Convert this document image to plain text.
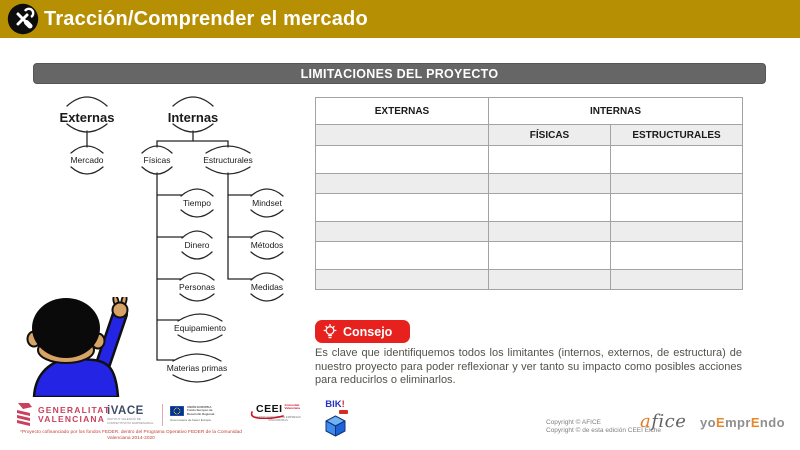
Tracción/Comprender el mercado
LIMITACIONES DEL PROYECTO
Externas	Internas
Mercado	Físicas	Estructurales
Tiempo
Dinero
Personas
Equipamiento
Materias primas
Mindset
Métodos
Medidas
EXTERNAS	INTERNAS	
	FÍSICAS	ESTRUCTURALES

Consejo

Es clave que identifiquemos todos los limitantes (internos, externos, de estructura) de nuestro proyecto para poder reflexionar y ver tanto su impacto como posibles acciones para reducirlos o eliminarlos.

GENERALITAT
VALENCIANA
iVACE
INSTITUT VALENCIÀ DE
COMPETITIVITAT EMPRESARIAL
UNIÓN EUROPEA
Fondo Europeo de
Desarrollo Regional
Una manera de hacer Europa
CEEI Comunitat
Valenciana
CENTRO EUROPEO DE EMPRESAS
INNOVADORAS
BIK!
*Proyecto cofinanciado por los fondos FEDER, dentro del Programa Operativo FEDER de la Comunidad
Valenciana 2014-2020
Copyright © AFICE
Copyright © de esta edición CEEI Elche
afice yoEmprEndo
